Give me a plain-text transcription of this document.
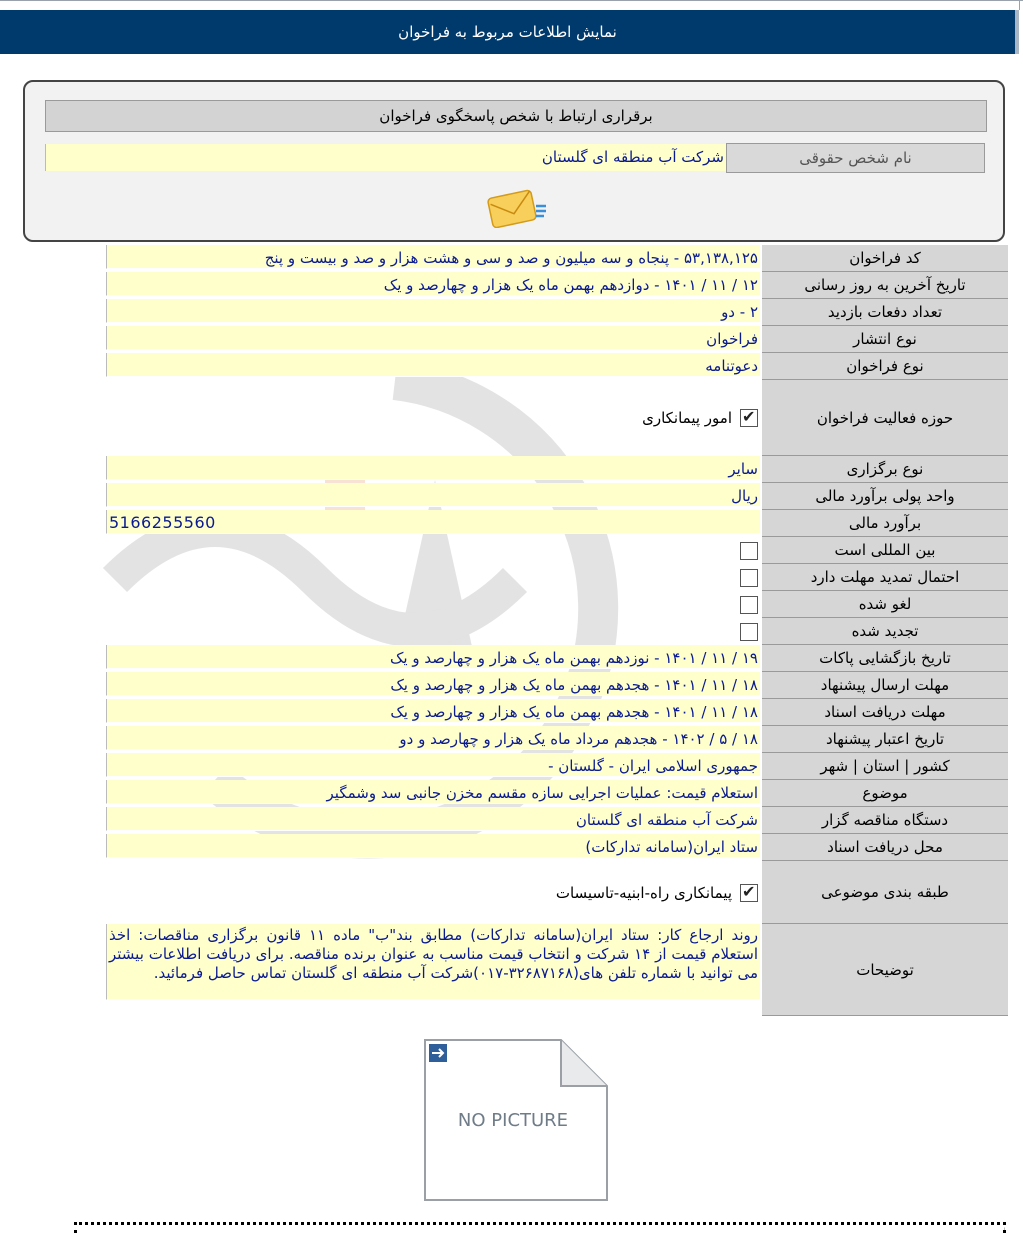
نمایش اطلاعات مربوط به فراخوان
برقراری ارتباط با شخص پاسخگوی فراخوان
نام شخص حقوقی
شرکت آب منطقه ای گلستان
کد فراخوان
۵۳,۱۳۸,۱۲۵ - پنجاه و سه میلیون و صد و سی و هشت هزار و صد و بیست و پنج
تاریخ آخرین به روز رسانی
۱۲ / ۱۱ / ۱۴۰۱ - دوازدهم بهمن ماه یک هزار و چهارصد و یک
تعداد دفعات بازدید
۲ - دو
نوع انتشار
فراخوان
نوع فراخوان
دعوتنامه
حوزه فعالیت فراخوان
✔
امور پیمانکاری
نوع برگزاری
سایر
واحد پولی برآورد مالی
ریال
برآورد مالی
5166255560
بین المللی است
احتمال تمدید مهلت دارد
لغو شده
تجدید شده
تاریخ بازگشایی پاکات
۱۹ / ۱۱ / ۱۴۰۱ - نوزدهم بهمن ماه یک هزار و چهارصد و یک
مهلت ارسال پیشنهاد
۱۸ / ۱۱ / ۱۴۰۱ - هجدهم بهمن ماه یک هزار و چهارصد و یک
مهلت دریافت اسناد
۱۸ / ۱۱ / ۱۴۰۱ - هجدهم بهمن ماه یک هزار و چهارصد و یک
تاریخ اعتبار پیشنهاد
۱۸ / ۵ / ۱۴۰۲ - هجدهم مرداد ماه یک هزار و چهارصد و دو
کشور | استان | شهر
جمهوری اسلامی ایران - گلستان -
موضوع
استعلام قیمت: عملیات اجرایی سازه مقسم مخزن جانبی سد وشمگیر
دستگاه مناقصه گزار
شرکت آب منطقه ای گلستان
محل دریافت اسناد
ستاد ایران(سامانه تدارکات)
طبقه بندی موضوعی
✔
پیمانکاری راه-ابنیه-تاسیسات
توضیحات
روند ارجاع کار: ستاد ایران(سامانه تدارکات) مطابق بند"ب" ماده ۱۱ قانون برگزاری مناقصات: اخذ استعلام قیمت از ۱۴ شرکت و انتخاب قیمت مناسب به عنوان برنده مناقصه. برای دریافت اطلاعات بیشتر می توانید با شماره تلفن های(۳۲۶۸۷۱۶۸-۰۱۷)شرکت آب منطقه ای گلستان تماس حاصل فرمائید.
NO PICTURE
